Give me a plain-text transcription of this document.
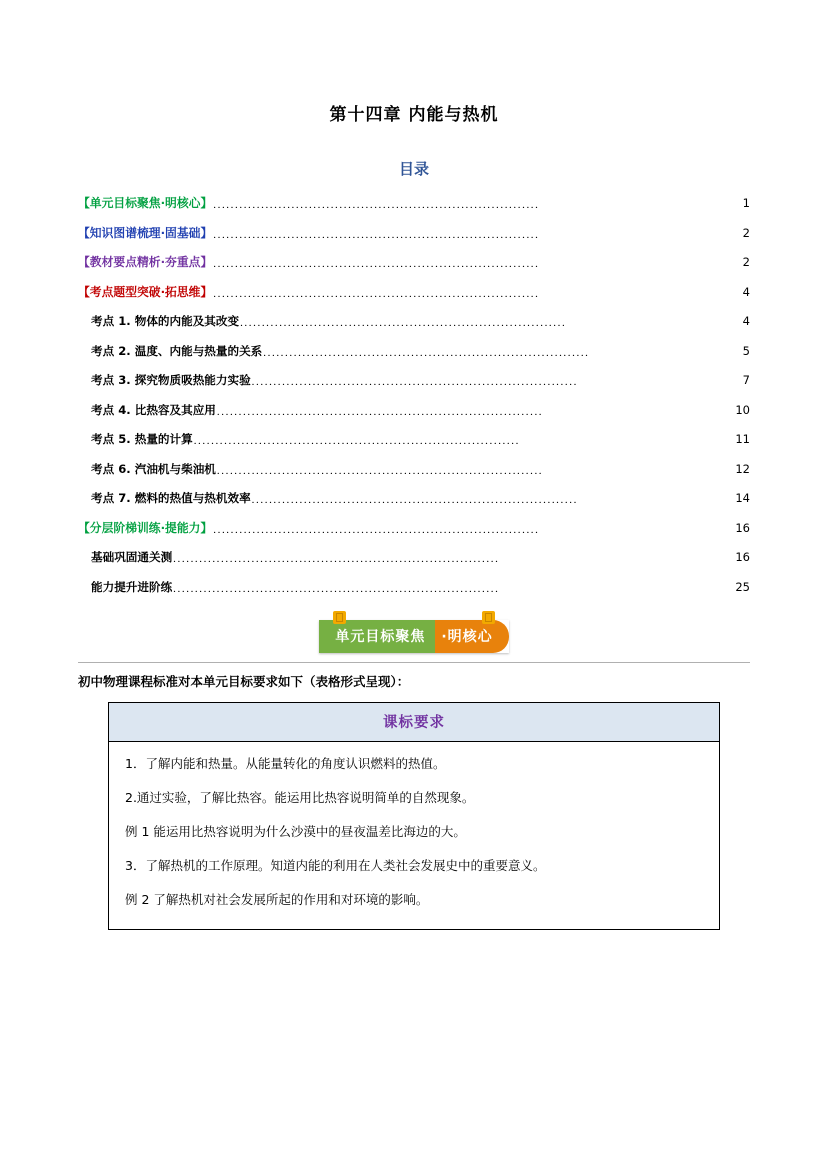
第十四章 内能与热机
目录
【单元目标聚焦·明核心】 ...........................................................................	1
【知识图谱梳理·固基础】 ...........................................................................	2
【教材要点精析·夯重点】 ...........................................................................	2
【考点题型突破·拓思维】 ...........................................................................	4
考点 1. 物体的内能及其改变 ...........................................................................	4
考点 2. 温度、内能与热量的关系 ...........................................................................	5
考点 3. 探究物质吸热能力实验 ...........................................................................	7
考点 4. 比热容及其应用 ...........................................................................	10
考点 5. 热量的计算 ...........................................................................	11
考点 6. 汽油机与柴油机 ...........................................................................	12
考点 7. 燃料的热值与热机效率 ...........................................................................	14
【分层阶梯训练·提能力】 ...........................................................................	16
基础巩固通关测 ...........................................................................	16
能力提升进阶练 ...........................................................................	25
单元目标聚焦	·明核心
初中物理课程标准对本单元目标要求如下（表格形式呈现）：
课标要求
1．了解内能和热量。从能量转化的角度认识燃料的热值。
2.通过实验，了解比热容。能运用比热容说明简单的自然现象。
例 1 能运用比热容说明为什么沙漠中的昼夜温差比海边的大。
3．了解热机的工作原理。知道内能的利用在人类社会发展史中的重要意义。
例 2 了解热机对社会发展所起的作用和对环境的影响。
